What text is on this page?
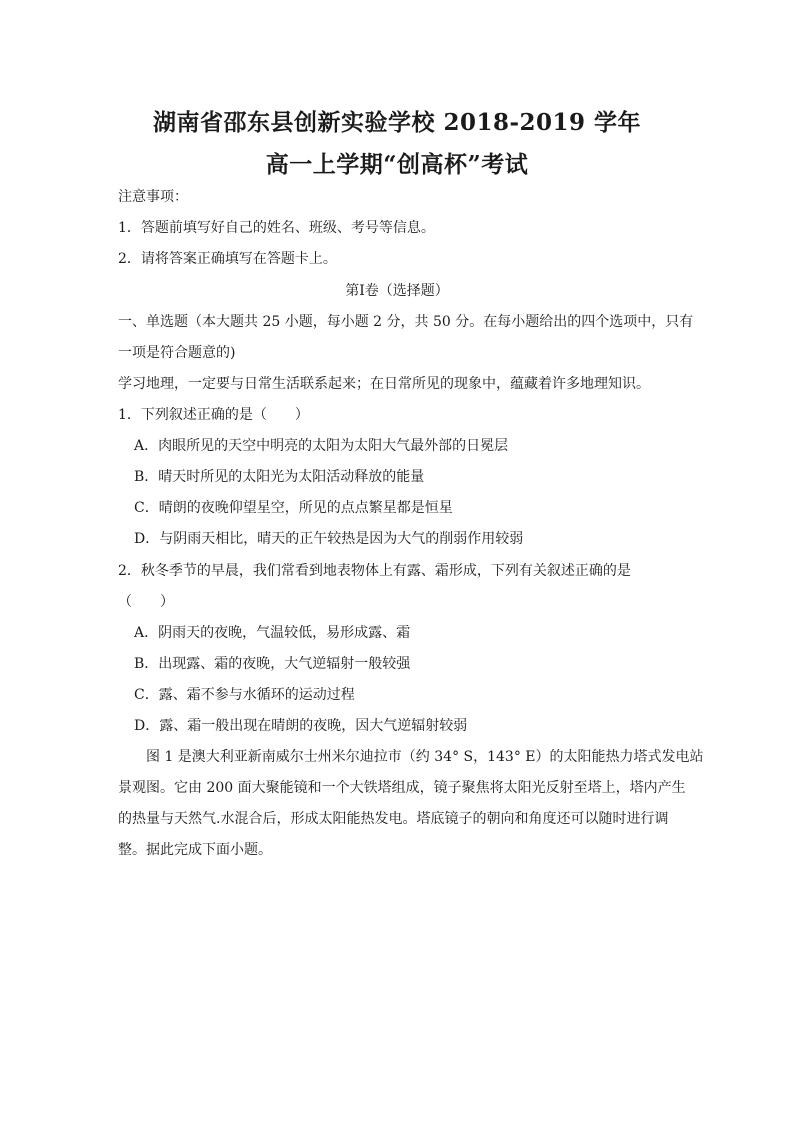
湖南省邵东县创新实验学校 2018-2019 学年
高一上学期“创高杯”考试
注意事项：
1．答题前填写好自己的姓名、班级、考号等信息。
2．请将答案正确填写在答题卡上。
第I卷（选择题）
一、单选题（本大题共 25 小题，每小题 2 分，共 50 分。在每小题给出的四个选项中，只有
一项是符合题意的)
学习地理，一定要与日常生活联系起来；在日常所见的现象中，蕴藏着许多地理知识。
1．下列叙述正确的是（　　）
A．肉眼所见的天空中明亮的太阳为太阳大气最外部的日冕层
B．晴天时所见的太阳光为太阳活动释放的能量
C．晴朗的夜晚仰望星空，所见的点点繁星都是恒星
D．与阴雨天相比，晴天的正午较热是因为大气的削弱作用较弱
2．秋冬季节的早晨，我们常看到地表物体上有露、霜形成，下列有关叙述正确的是
（　　）
A．阴雨天的夜晚，气温较低，易形成露、霜
B．出现露、霜的夜晚，大气逆辐射一般较强
C．露、霜不参与水循环的运动过程
D．露、霜一般出现在晴朗的夜晚，因大气逆辐射较弱
图 1 是澳大利亚新南威尔士州米尔迪拉市（约 34° S，143° E）的太阳能热力塔式发电站
景观图。它由 200 面大聚能镜和一个大铁塔组成，镜子聚焦将太阳光反射至塔上，塔内产生
的热量与天然气.水混合后，形成太阳能热发电。塔底镜子的朝向和角度还可以随时进行调
整。据此完成下面小题。
